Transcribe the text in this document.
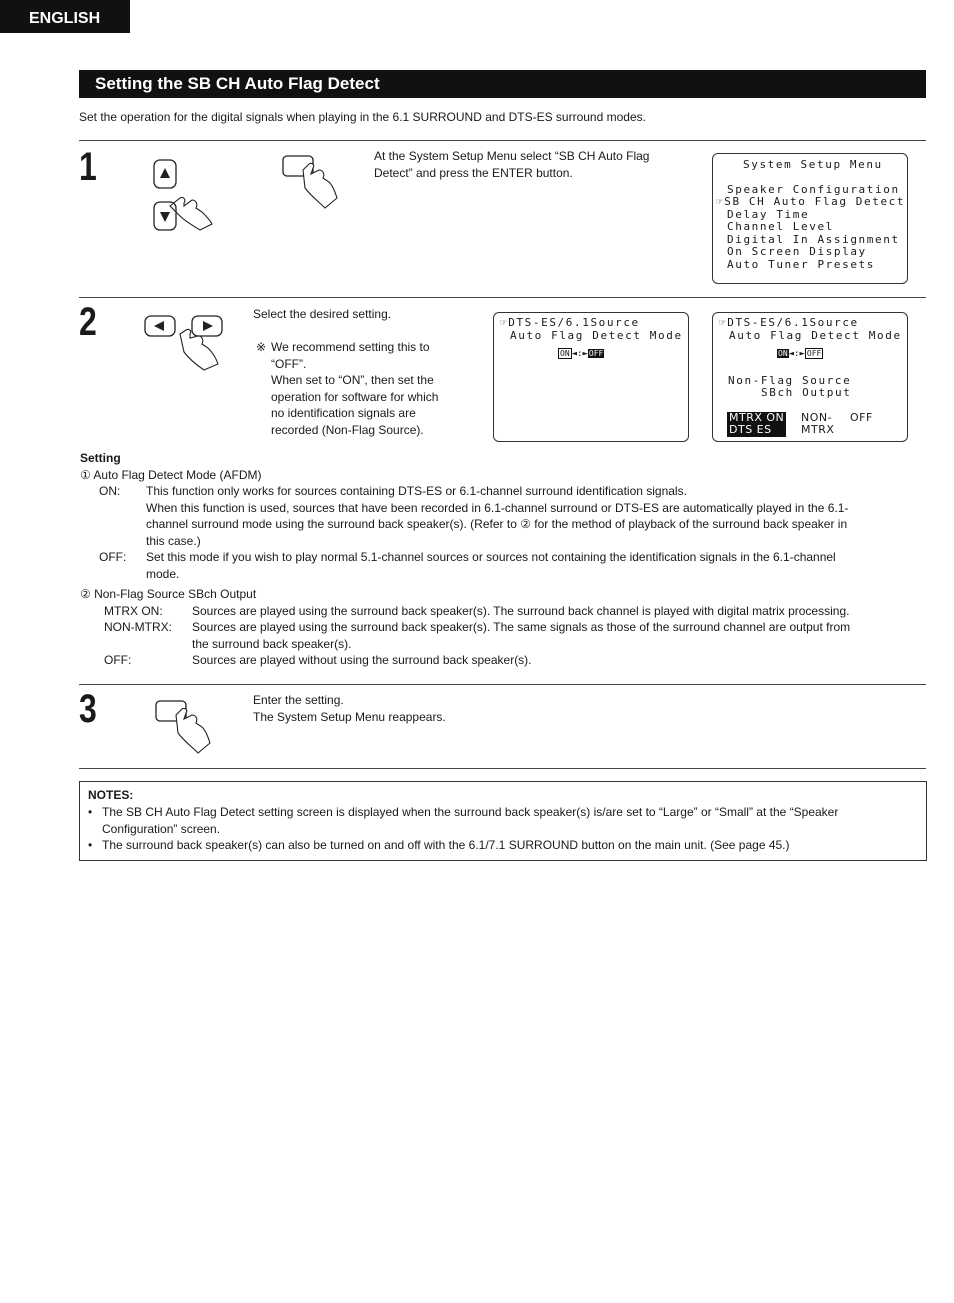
ENGLISH
Setting the SB CH Auto Flag Detect
Set the operation for the digital signals when playing in the 6.1 SURROUND and DTS-ES surround modes.
1	At the System Setup Menu select “SB CH Auto Flag
Detect” and press the ENTER button.
System Setup Menu
Speaker Configuration
☞SB CH Auto Flag Detect
Delay Time
Channel Level
Digital In Assignment
On Screen Display
Auto Tuner Presets
2	Select the desired setting.
※ We recommend setting this to
“OFF”.
When set to “ON”, then set the
operation for software for which
no identification signals are
recorded (Non-Flag Source).
☞DTS-ES/6.1Source
Auto Flag Detect Mode
ON ◄:►OFF
☞DTS-ES/6.1Source
Auto Flag Detect Mode
ON◄:► OFF
Non-Flag Source
SBch Output
MTRX ON
DTS ES
NON-
MTRX
OFF
Setting
① Auto Flag Detect Mode (AFDM)
ON: This function only works for sources containing DTS-ES or 6.1-channel surround identification signals.
When this function is used, sources that have been recorded in 6.1-channel surround or DTS-ES are automatically played in the 6.1-
channel surround mode using the surround back speaker(s). (Refer to ② for the method of playback of the surround back speaker in
this case.)
OFF: Set this mode if you wish to play normal 5.1-channel sources or sources not containing the identification signals in the 6.1-channel
mode.
② Non-Flag Source SBch Output
MTRX ON: Sources are played using the surround back speaker(s). The surround back channel is played with digital matrix processing.
NON-MTRX: Sources are played using the surround back speaker(s). The same signals as those of the surround channel are output from
the surround back speaker(s).
OFF:	Sources are played without using the surround back speaker(s).
3	Enter the setting.
The System Setup Menu reappears.
NOTES:
• The SB CH Auto Flag Detect setting screen is displayed when the surround back speaker(s) is/are set to “Large” or “Small” at the “Speaker
Configuration” screen.
• The surround back speaker(s) can also be turned on and off with the 6.1/7.1 SURROUND button on the main unit. (See page 45.)
